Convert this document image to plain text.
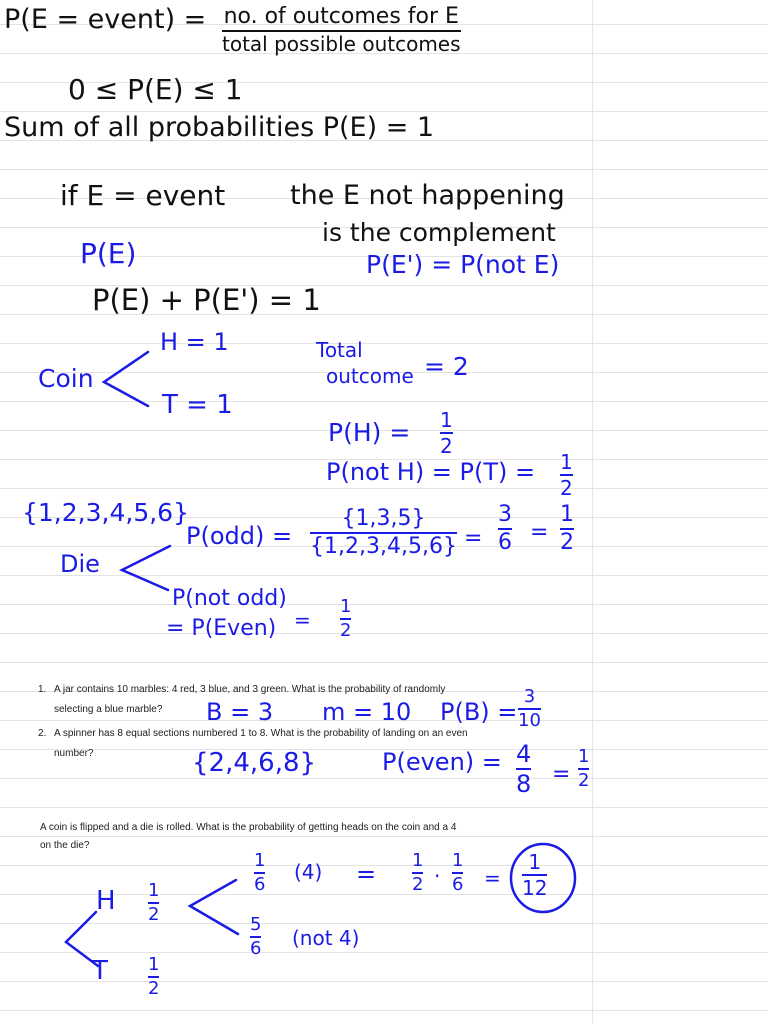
P(E = event) = no. of outcomes for E
total possible outcomes
0 ≤ P(E) ≤ 1
Sum of all probabilities P(E) = 1
if E = event the E not happening
is the complement
P(E)	P(E') = P(not E)
P(E) + P(E') = 1
Coin
H = 1
T = 1
Total
outcome = 2
P(H) = 1
2
P(not H) = P(T) = 1
2
{1,2,3,4,5,6}
Die
P(odd) =
{1,3,5}
{1,2,3,4,5,6} =
3
6 =
1
2
P(not odd)
= P(Even) =
1
2
1. A jar contains 10 marbles: 4 red, 3 blue, and 3 green. What is the probability of randomly
selecting a blue marble? B = 3 m = 10 P(B) =
3
10
2. A spinner has 8 equal sections numbered 1 to 8. What is the probability of landing on an even
number?	{2,4,6,8}	P(even) = 4
8 =
1
2
A coin is flipped and a die is rolled. What is the probability of getting heads on the coin and a 4
on the die?
H
T
1
2
1
2
1
6
(4)
5
6 (not 4)
= 1
2 ·
1
6 =
1
12
